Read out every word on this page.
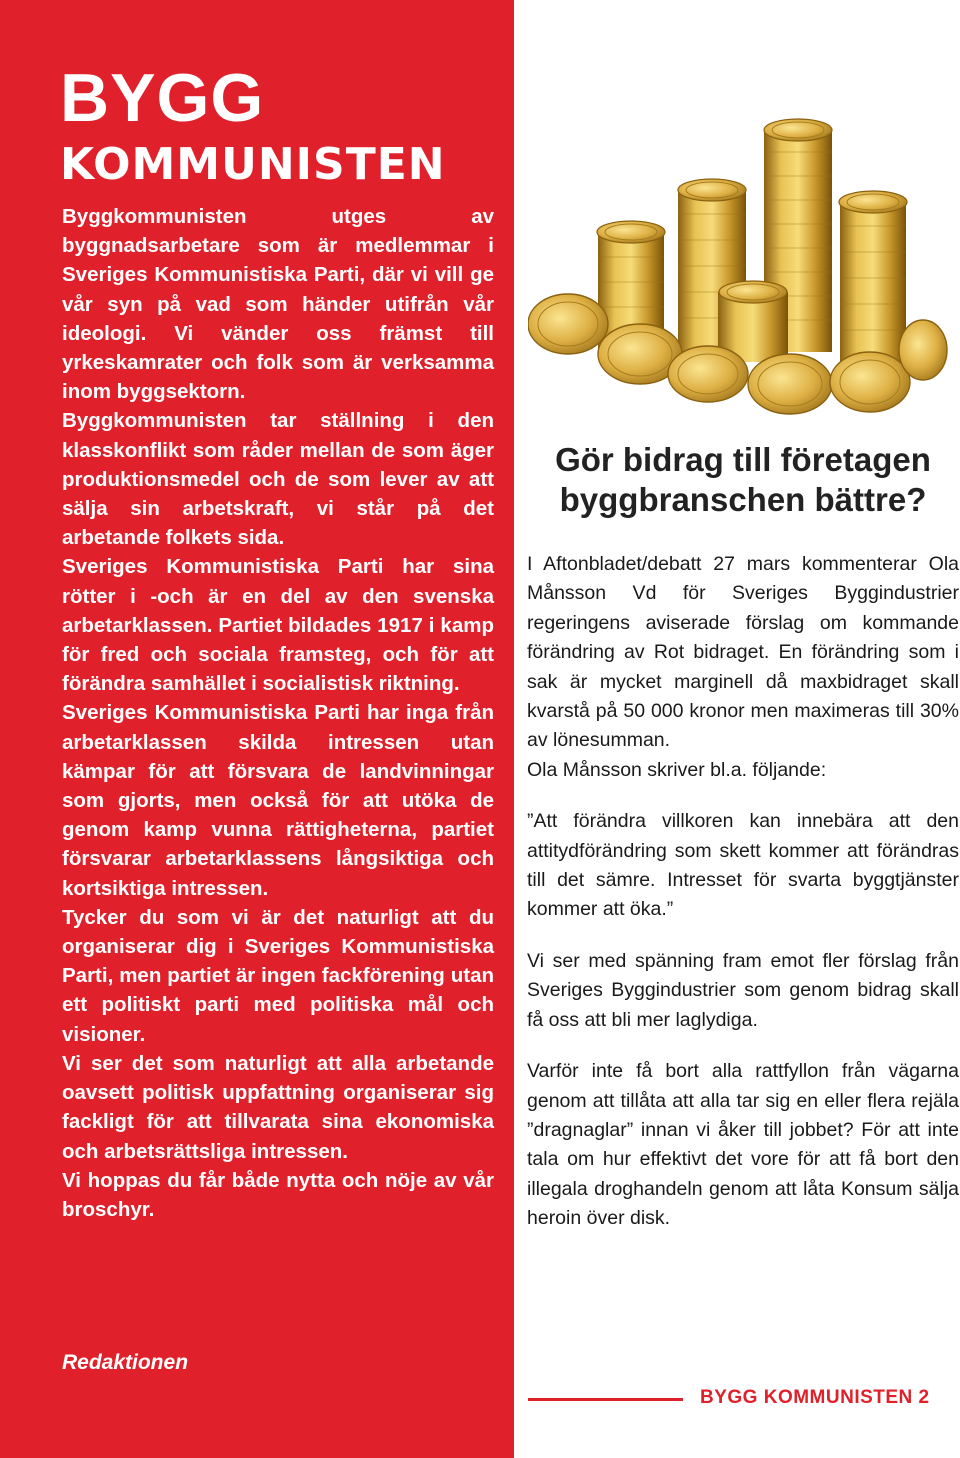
BYGG
KOMMUNISTEN

Byggkommunisten utges av byggnadsarbetare som är medlemmar i Sveriges Kommunistiska Parti, där vi vill ge vår syn på vad som händer utifrån vår ideologi. Vi vänder oss främst till yrkeskamrater och folk som är verksamma inom byggsektorn.

Byggkommunisten tar ställning i den klasskonflikt som råder mellan de som äger produktionsmedel och de som lever av att sälja sin arbetskraft, vi står på det arbetande folkets sida.

Sveriges Kommunistiska Parti har sina rötter i -och är en del av den svenska arbetarklassen. Partiet bildades 1917 i kamp för fred och sociala framsteg, och för att förändra samhället i socialistisk riktning.

Sveriges Kommunistiska Parti har inga från arbetarklassen skilda intressen utan kämpar för att försvara de landvinningar som gjorts, men också för att utöka de genom kamp vunna rättigheterna, partiet försvarar arbetarklassens långsiktiga och kortsiktiga intressen.

Tycker du som vi är det naturligt att du organiserar dig i Sveriges Kommunistiska Parti, men partiet är ingen fackförening utan ett politiskt parti med politiska mål och visioner.

Vi ser det som naturligt att alla arbetande oavsett politisk uppfattning organiserar sig fackligt för att tillvarata sina ekonomiska och arbetsrättsliga intressen.

Vi hoppas du får både nytta och nöje av vår broschyr.

Redaktionen

Gör bidrag till företagen
byggbranschen bättre?

I Aftonbladet/debatt 27 mars kommenterar Ola Månsson Vd för Sveriges Byggindustrier regeringens aviserade förslag om kommande förändring av Rot bidraget. En förändring som i sak är mycket marginell då maxbidraget skall kvarstå på 50 000 kronor men maximeras till 30% av lönesumman.

Ola Månsson skriver bl.a. följande:

”Att förändra villkoren kan innebära att den attitydförändring som skett kommer att förändras till det sämre. Intresset för svarta byggtjänster kommer att öka.”

Vi ser med spänning fram emot fler förslag från Sveriges Byggindustrier som genom bidrag skall få oss att bli mer laglydiga.

Varför inte få bort alla rattfyllon från vägarna genom att tillåta att alla tar sig en eller flera rejäla ”dragnaglar” innan vi åker till jobbet? För att inte tala om hur effektivt det vore för att få bort den illegala droghandeln genom att låta Konsum sälja heroin över disk.

BYGG KOMMUNISTEN 2
